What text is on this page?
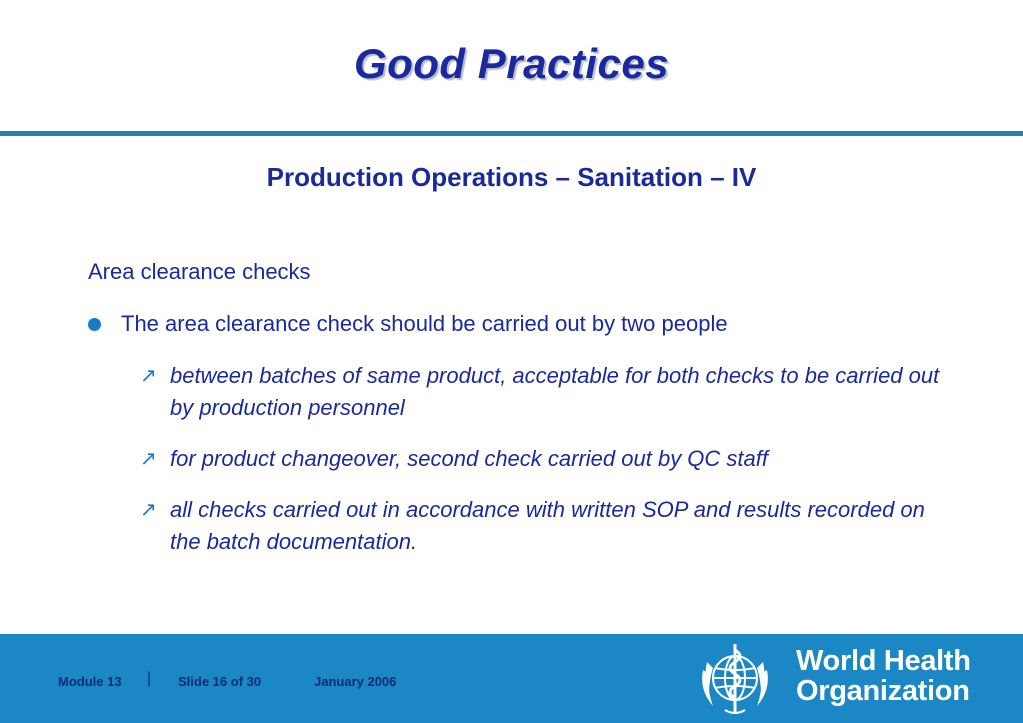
Good Practices
Production Operations – Sanitation – IV
Area clearance checks
The area clearance check should be carried out by two people
↗ between batches of same product, acceptable for both checks to be carried out by production personnel
↗ for product changeover, second check carried out by QC staff
↗ all checks carried out in accordance with written SOP and results recorded on the batch documentation.
Module 13 | Slide 16 of 30	January 2006
World Health
Organization
